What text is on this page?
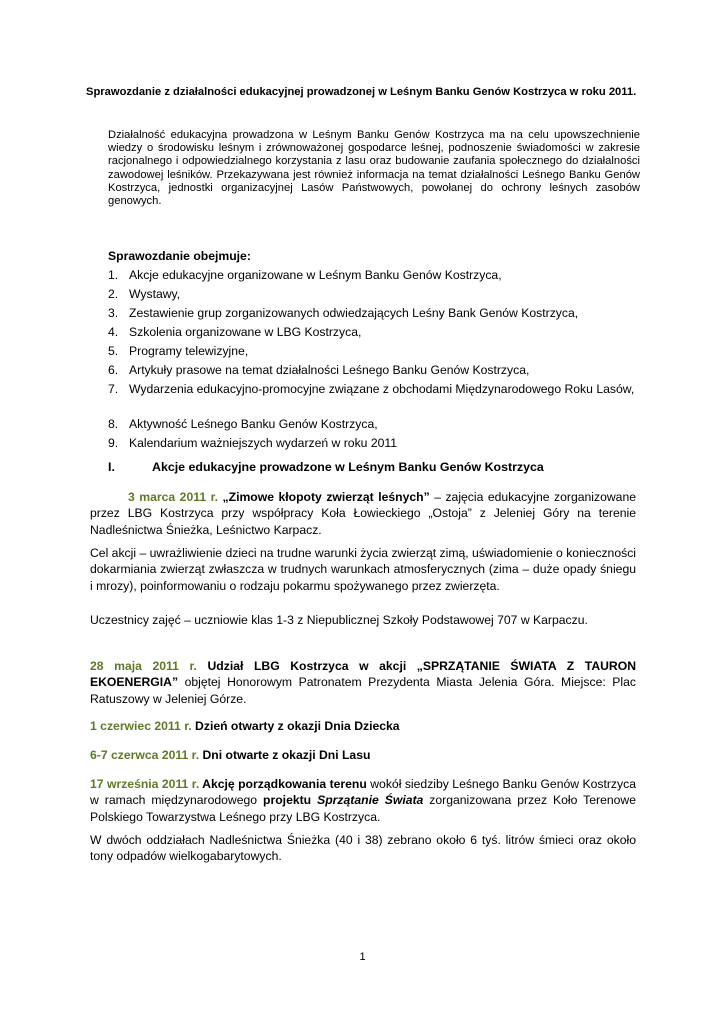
Sprawozdanie z działalności edukacyjnej prowadzonej w Leśnym Banku Genów Kostrzyca w roku 2011.
Działalność edukacyjna prowadzona w Leśnym Banku Genów Kostrzyca ma na celu upowszechnienie wiedzy o środowisku leśnym i zrównoważonej gospodarce leśnej, podnoszenie świadomości w zakresie racjonalnego i odpowiedzialnego korzystania z lasu oraz budowanie zaufania społecznego do działalności zawodowej leśników. Przekazywana jest również informacja na temat działalności Leśnego Banku Genów Kostrzyca, jednostki organizacyjnej Lasów Państwowych, powołanej do ochrony leśnych zasobów genowych.
Sprawozdanie obejmuje:
1. Akcje edukacyjne organizowane w Leśnym Banku Genów Kostrzyca,
2. Wystawy,
3. Zestawienie grup zorganizowanych odwiedzających Leśny Bank Genów Kostrzyca,
4. Szkolenia organizowane w LBG Kostrzyca,
5. Programy telewizyjne,
6. Artykuły prasowe na temat działalności Leśnego Banku Genów Kostrzyca,
7. Wydarzenia edukacyjno-promocyjne związane z obchodami Międzynarodowego Roku Lasów,
8. Aktywność Leśnego Banku Genów Kostrzyca,
9. Kalendarium ważniejszych wydarzeń w roku 2011
I.	Akcje edukacyjne prowadzone w Leśnym Banku Genów Kostrzyca
3 marca 2011 r. „Zimowe kłopoty zwierząt leśnych” – zajęcia edukacyjne zorganizowane przez LBG Kostrzyca przy współpracy Koła Łowieckiego „Ostoja” z Jeleniej Góry na terenie Nadleśnictwa Śnieżka, Leśnictwo Karpacz.
Cel akcji – uwrażliwienie dzieci na trudne warunki życia zwierząt zimą, uświadomienie o konieczności dokarmiania zwierząt zwłaszcza w trudnych warunkach atmosferycznych (zima – duże opady śniegu i mrozy), poinformowaniu o rodzaju pokarmu spożywanego przez zwierzęta.
Uczestnicy zajęć – uczniowie klas 1-3 z Niepublicznej Szkoły Podstawowej 707 w Karpaczu.
28 maja 2011 r. Udział LBG Kostrzyca w akcji „SPRZĄTANIE ŚWIATA Z TAURON EKOENERGIA” objętej Honorowym Patronatem Prezydenta Miasta Jelenia Góra. Miejsce: Plac Ratuszowy w Jeleniej Górze.
1 czerwiec 2011 r. Dzień otwarty z okazji Dnia Dziecka
6-7 czerwca 2011 r. Dni otwarte z okazji Dni Lasu
17 września 2011 r. Akcję porządkowania terenu wokół siedziby Leśnego Banku Genów Kostrzyca w ramach międzynarodowego projektu Sprzątanie Świata zorganizowana przez Koło Terenowe Polskiego Towarzystwa Leśnego przy LBG Kostrzyca.
W dwóch oddziałach Nadleśnictwa Śnieżka (40 i 38) zebrano około 6 tyś. litrów śmieci oraz około tony odpadów wielkogabarytowych.
1
